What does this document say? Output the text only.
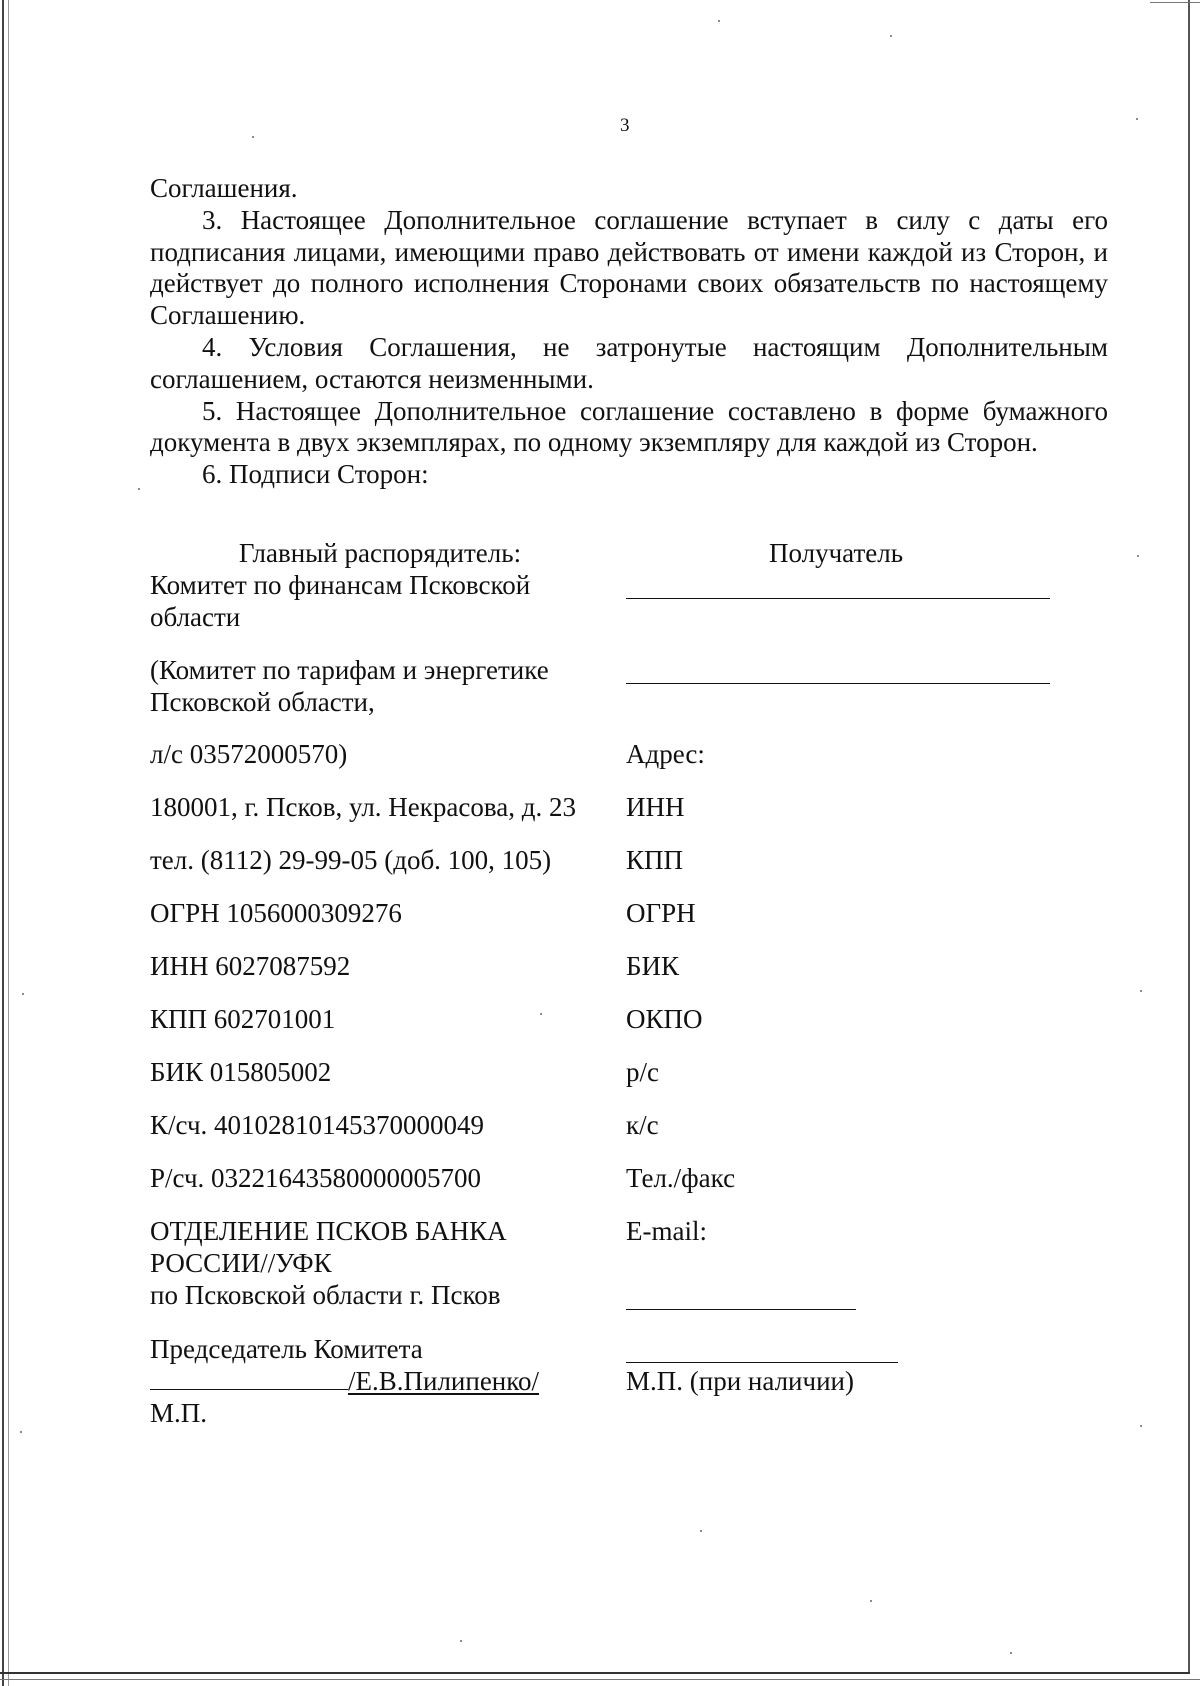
3

Соглашения.

3. Настоящее Дополнительное соглашение вступает в силу с даты его подписания лицами, имеющими право действовать от имени каждой из Сторон, и действует до полного исполнения Сторонами своих обязательств по настоящему Соглашению.

4. Условия Соглашения, не затронутые настоящим Дополнительным соглашением, остаются неизменными.

5. Настоящее Дополнительное соглашение составлено в форме бумажного документа в двух экземплярах, по одному экземпляру для каждой из Сторон.

6. Подписи Сторон:

Главный распорядитель:
Комитет по финансам Псковской
области
(Комитет по тарифам и энергетике
Псковской области,
л/с 03572000570)
180001, г. Псков, ул. Некрасова, д. 23
тел. (8112) 29-99-05 (доб. 100, 105)
ОГРН 1056000309276
ИНН 6027087592
КПП 602701001
БИК 015805002
К/сч. 40102810145370000049
Р/сч. 03221643580000005700
ОТДЕЛЕНИЕ ПСКОВ БАНКА
РОССИИ//УФК
по Псковской области г. Псков
Председатель Комитета
/Е.В.Пилипенко/
М.П.
Получатель
Адрес:
ИНН
КПП
ОГРН
БИК
ОКПО
р/с
к/с
Тел./факс
E-mail:
М.П. (при наличии)
